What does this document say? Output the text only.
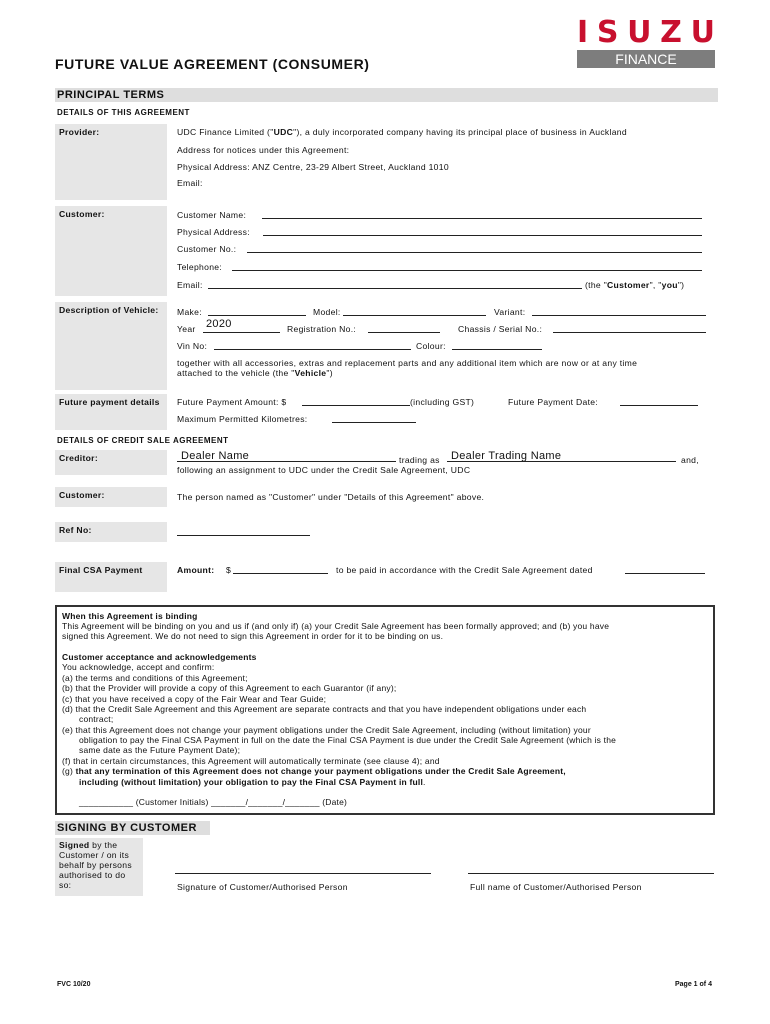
I S U Z U
FINANCE
FUTURE VALUE AGREEMENT (CONSUMER)
PRINCIPAL TERMS
DETAILS OF THIS AGREEMENT
Provider:	UDC Finance Limited ("UDC"), a duly incorporated company having its principal place of business in Auckland
Address for notices under this Agreement:
Physical Address: ANZ Centre, 23-29 Albert Street, Auckland 1010
Email:
Customer:	Customer Name:
Physical Address:
Customer No.:
Telephone:
Email:	(the "Customer", "you")
Description of Vehicle:	Make:	Model:	Variant:
Year 2020	Registration No.:	Chassis / Serial No.:
Vin No:	Colour:
together with all accessories, extras and replacement parts and any additional item which are now or at any time
attached to the vehicle (the "Vehicle")
Future payment details	Future Payment Amount: $	(including GST)	Future Payment Date:
Maximum Permitted Kilometres:
DETAILS OF CREDIT SALE AGREEMENT
Creditor:	Dealer Name	trading as Dealer Trading Name	and,
following an assignment to UDC under the Credit Sale Agreement, UDC
Customer:	The person named as "Customer" under "Details of this Agreement" above.
Ref No:
Final CSA Payment	Amount: $	to be paid in accordance with the Credit Sale Agreement dated
When this Agreement is binding
This Agreement will be binding on you and us if (and only if) (a) your Credit Sale Agreement has been formally approved; and (b) you have
signed this Agreement. We do not need to sign this Agreement in order for it to be binding on us.
Customer acceptance and acknowledgements
You acknowledge, accept and confirm:
(a) the terms and conditions of this Agreement;
(b) that the Provider will provide a copy of this Agreement to each Guarantor (if any);
(c) that you have received a copy of the Fair Wear and Tear Guide;
(d) that the Credit Sale Agreement and this Agreement are separate contracts and that you have independent obligations under each
contract;
(e) that this Agreement does not change your payment obligations under the Credit Sale Agreement, including (without limitation) your
obligation to pay the Final CSA Payment in full on the date the Final CSA Payment is due under the Credit Sale Agreement (which is the
same date as the Future Payment Date);
(f) that in certain circumstances, this Agreement will automatically terminate (see clause 4); and
(g) that any termination of this Agreement does not change your payment obligations under the Credit Sale Agreement,
including (without limitation) your obligation to pay the Final CSA Payment in full.
___________ (Customer Initials) _______/_______/_______ (Date)
SIGNING BY CUSTOMER
Signed by the
Customer / on its
behalf by persons
authorised to do
so:	Signature of Customer/Authorised Person	Full name of Customer/Authorised Person
FVC 10/20	Page 1 of 4
